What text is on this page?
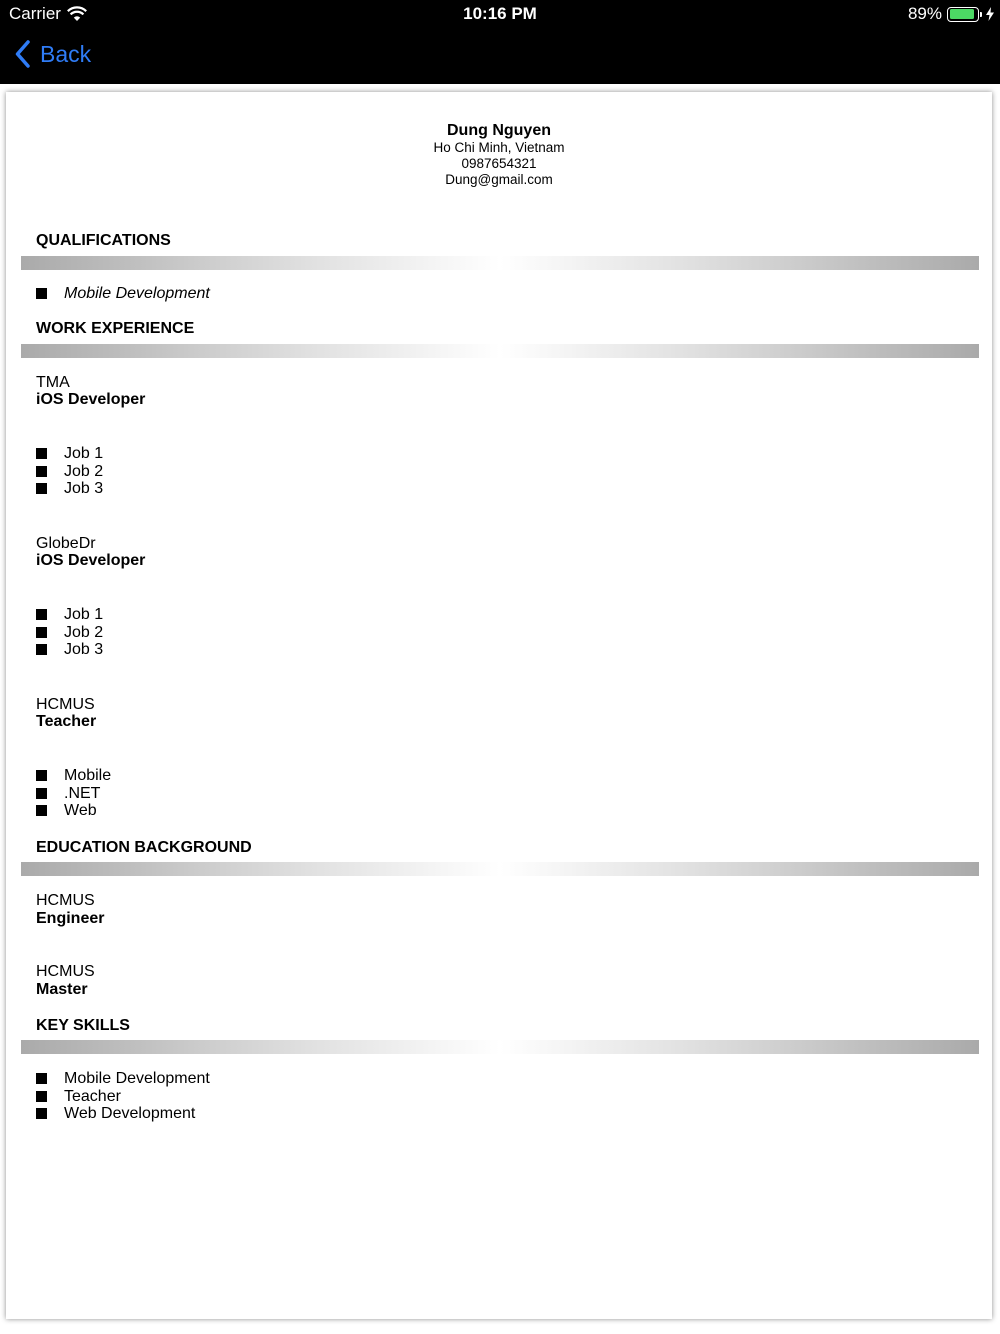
Carrier	10:16 PM	89%
Back
Dung Nguyen
Ho Chi Minh, Vietnam
0987654321
Dung@gmail.com
QUALIFICATIONS
Mobile Development
WORK EXPERIENCE
TMA
iOS Developer
Job 1
Job 2
Job 3
GlobeDr
iOS Developer
Job 1
Job 2
Job 3
HCMUS
Teacher
Mobile
.NET
Web
EDUCATION BACKGROUND
HCMUS
Engineer
HCMUS
Master
KEY SKILLS
Mobile Development
Teacher
Web Development
